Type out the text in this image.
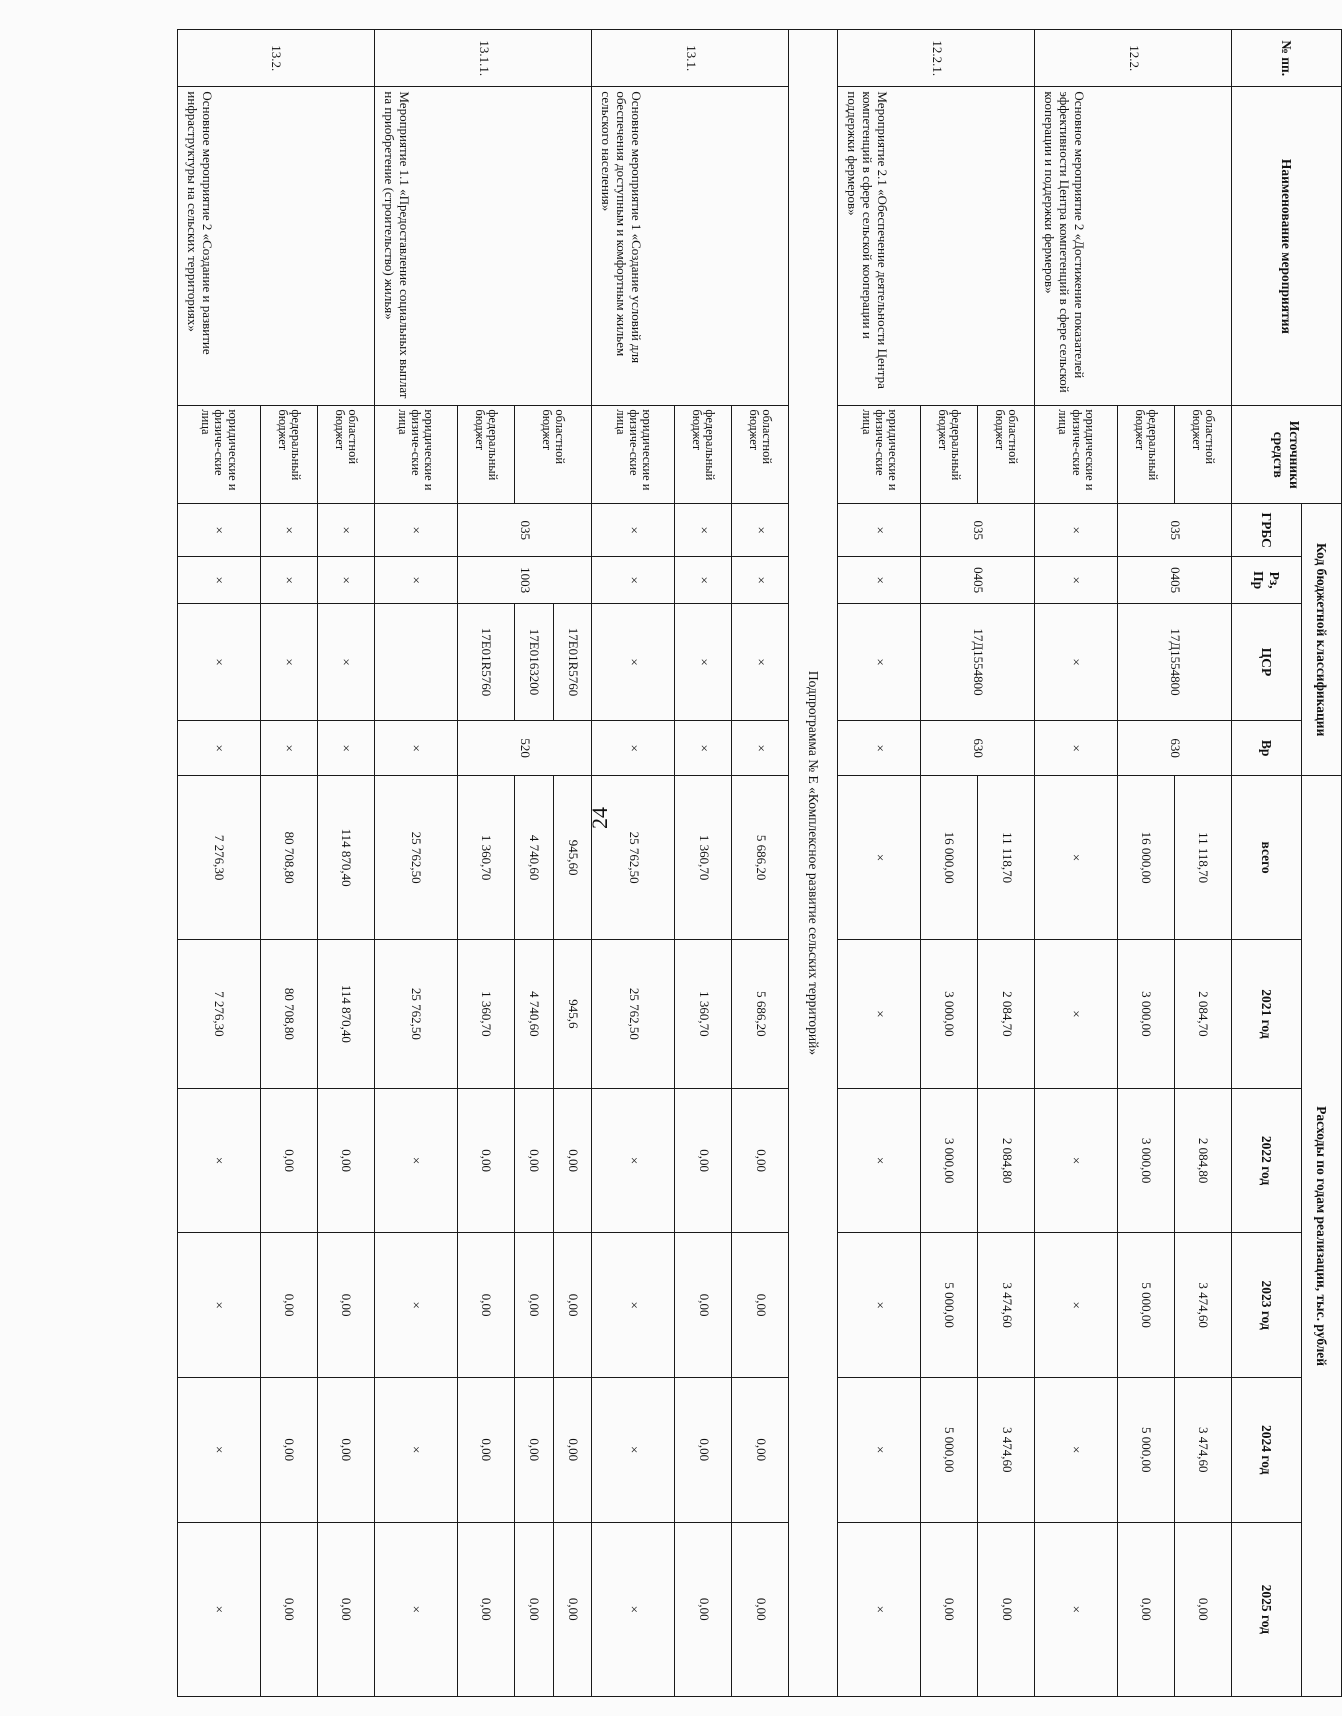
24
№ пп.	Наименование мероприятия	Источники средств	Код бюджетной классификации				Расходы по годам реализации, тыс. рублей					
			ГРБС	Рз, Пр	ЦСР	Вр	всего	2021 год	2022 год	2023 год	2024 год	2025 год
12.2.	Основное мероприятие 2 «Достижение показателей эффективности Центра компетенций в сфере сельской кооперации и поддержки фермеров»	областной бюджет	035	0405	17Д1554800	630	11 118,70	2 084,70	2 084,80	3 474,60	3 474,60	0,00
		федеральный бюджет					16 000,00	3 000,00	3 000,00	5 000,00	5 000,00	0,00
		юридические и физиче-ские лица	×	×	×	×	×	×	×	×	×	×
12.2.1.	Мероприятие 2.1 «Обеспечение деятельности Центра компетенций в сфере сельской кооперации и поддержки фермеров»	областной бюджет	035	0405	17Д1554800	630	11 118,70	2 084,70	2 084,80	3 474,60	3 474,60	0,00
		федеральный бюджет					16 000,00	3 000,00	3 000,00	5 000,00	5 000,00	0,00
		юридические и физиче-ские лица	×	×	×	×	×	×	×	×	×	×
Подпрограмма № Е «Комплексное развитие сельских территорий»												
13.1.	Основное мероприятие 1 «Создание условий для обеспечения доступным и комфортным жильем сельского населения»	областной бюджет	×	×	×	×	5 686,20	5 686,20	0,00	0,00	0,00	0,00
		федеральный бюджет	×	×	×	×	1 360,70	1 360,70	0,00	0,00	0,00	0,00
		юридические и физиче-ские лица	×	×	×	×	25 762,50	25 762,50	×	×	×	×
13.1.1.	Мероприятие 1.1 «Предоставление социальных выплат на приобретение (строительство) жилья»	областной бюджет	035	1003	17Е01R5760	520	945,60	945,6	0,00	0,00	0,00	0,00
					17Е0163200		4 740,60	4 740,60	0,00	0,00	0,00	0,00
		федеральный бюджет			17Е01R5760		1 360,70	1 360,70	0,00	0,00	0,00	0,00
		юридические и физиче-ские лица	×	×		×	25 762,50	25 762,50	×	×	×	×
13.2.	Основное мероприятие 2 «Создание и развитие инфраструктуры на сельских территориях»	областной бюджет	×	×	×	×	114 870,40	114 870,40	0,00	0,00	0,00	0,00
		федеральный бюджет	×	×	×	×	80 708,80	80 708,80	0,00	0,00	0,00	0,00
		юридические и физиче-ские лица	×	×	×	×	7 276,30	7 276,30	×	×	×	×
